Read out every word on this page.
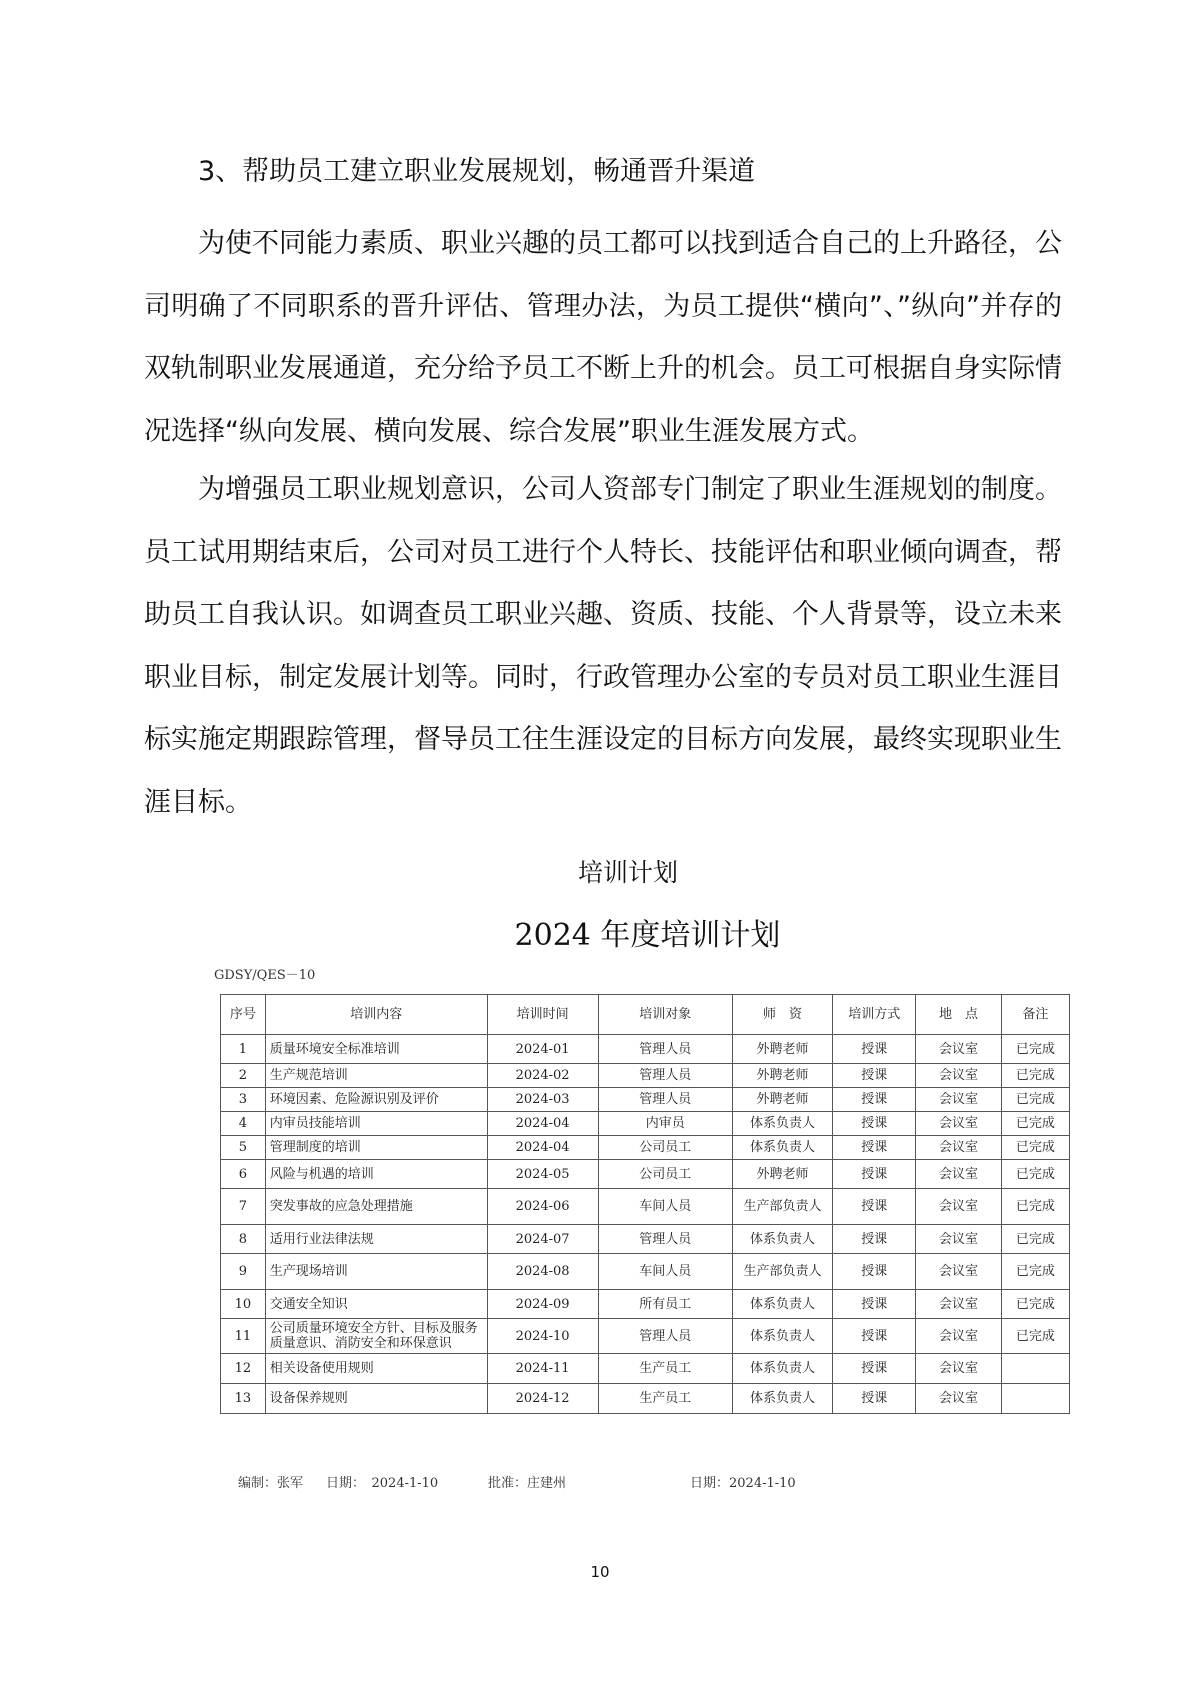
3、帮助员工建立职业发展规划，畅通晋升渠道

为使不同能力素质、职业兴趣的员工都可以找到适合自己的上升路径，公司明确了不同职系的晋升评估、管理办法，为员工提供“横向”、”纵向”并存的双轨制职业发展通道，充分给予员工不断上升的机会。员工可根据自身实际情况选择“纵向发展、横向发展、综合发展”职业生涯发展方式。

为增强员工职业规划意识，公司人资部专门制定了职业生涯规划的制度。员工试用期结束后，公司对员工进行个人特长、技能评估和职业倾向调查，帮助员工自我认识。如调查员工职业兴趣、资质、技能、个人背景等，设立未来职业目标，制定发展计划等。同时，行政管理办公室的专员对员工职业生涯目标实施定期跟踪管理，督导员工往生涯设定的目标方向发展，最终实现职业生涯目标。

培训计划
2024 年度培训计划
GDSY/QES－10
序号	培训内容	培训时间	培训对象	师　资	培训方式	地　点	备注
1	质量环境安全标准培训	2024-01	管理人员	外聘老师	授课	会议室	已完成
2	生产规范培训	2024-02	管理人员	外聘老师	授课	会议室	已完成
3	环境因素、危险源识别及评价	2024-03	管理人员	外聘老师	授课	会议室	已完成
4	内审员技能培训	2024-04	内审员	体系负责人	授课	会议室	已完成
5	管理制度的培训	2024-04	公司员工	体系负责人	授课	会议室	已完成
6	风险与机遇的培训	2024-05	公司员工	外聘老师	授课	会议室	已完成
7	突发事故的应急处理措施	2024-06	车间人员	生产部负责人	授课	会议室	已完成
8	适用行业法律法规	2024-07	管理人员	体系负责人	授课	会议室	已完成
9	生产现场培训	2024-08	车间人员	生产部负责人	授课	会议室	已完成
10	交通安全知识	2024-09	所有员工	体系负责人	授课	会议室	已完成
11	公司质量环境安全方针、目标及服务质量意识、消防安全和环保意识	2024-10	管理人员	体系负责人	授课	会议室	已完成
12	相关设备使用规则	2024-11	生产员工	体系负责人	授课	会议室	
13	设备保养规则	2024-12	生产员工	体系负责人	授课	会议室	
编制：张军 日期：　2024-1-10	批准：庄建州	日期：2024-1-10
10
